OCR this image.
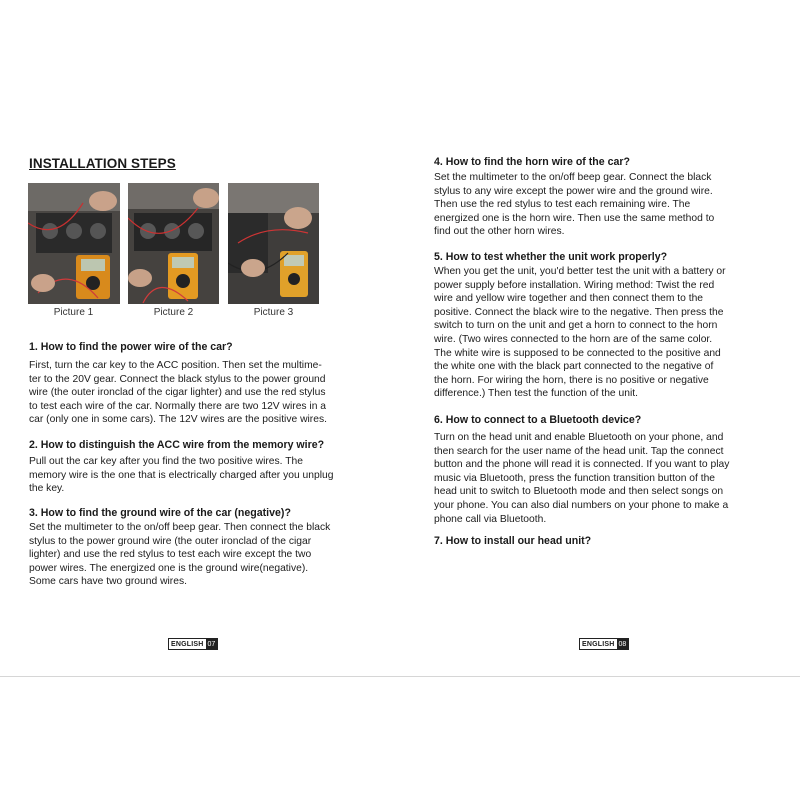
INSTALLATION STEPS
Picture 1	Picture 2	Picture 3
1. How to find the power wire of the car?
First, turn the car key to the ACC position. Then set the multime-
ter to the 20V gear. Connect the black stylus to the power ground
wire (the outer ironclad of the cigar lighter) and use the red stylus
to test each wire of the car. Normally there are two 12V wires in a
car (only one in some cars). The 12V wires are the positive wires.
2. How to distinguish the ACC wire from the memory wire?
Pull out the car key after you find the two positive wires. The
memory wire is the one that is electrically charged after you unplug
the key.
3. How to find the ground wire of the car (negative)?
Set the multimeter to the on/off beep gear. Then connect the black
stylus to the power ground wire (the outer ironclad of the cigar
lighter) and use the red stylus to test each wire except the two
power wires. The energized one is the ground wire(negative).
Some cars have two ground wires.
4. How to find the horn wire of the car?
Set the multimeter to the on/off beep gear. Connect the black
stylus to any wire except the power wire and the ground wire.
Then use the red stylus to test each remaining wire. The
energized one is the horn wire. Then use the same method to
find out the other horn wires.
5. How to test whether the unit work properly?
When you get the unit, you'd better test the unit with a battery or
power supply before installation. Wiring method: Twist the red
wire and yellow wire together and then connect them to the
positive. Connect the black wire to the negative. Then press the
switch to turn on the unit and get a horn to connect to the horn
wire. (Two wires connected to the horn are of the same color.
The white wire is supposed to be connected to the positive and
the white one with the black part connected to the negative of
the horn. For wiring the horn, there is no positive or negative
difference.) Then test the function of the unit.
6. How to connect to a Bluetooth device?
Turn on the head unit and enable Bluetooth on your phone, and
then search for the user name of the head unit. Tap the connect
button and the phone will read it is connected. If you want to play
music via Bluetooth, press the function transition button of the
head unit to switch to Bluetooth mode and then select songs on
your phone. You can also dial numbers on your phone to make a
phone call via Bluetooth.
7. How to install our head unit?
ENGLISH 07	ENGLISH 08
